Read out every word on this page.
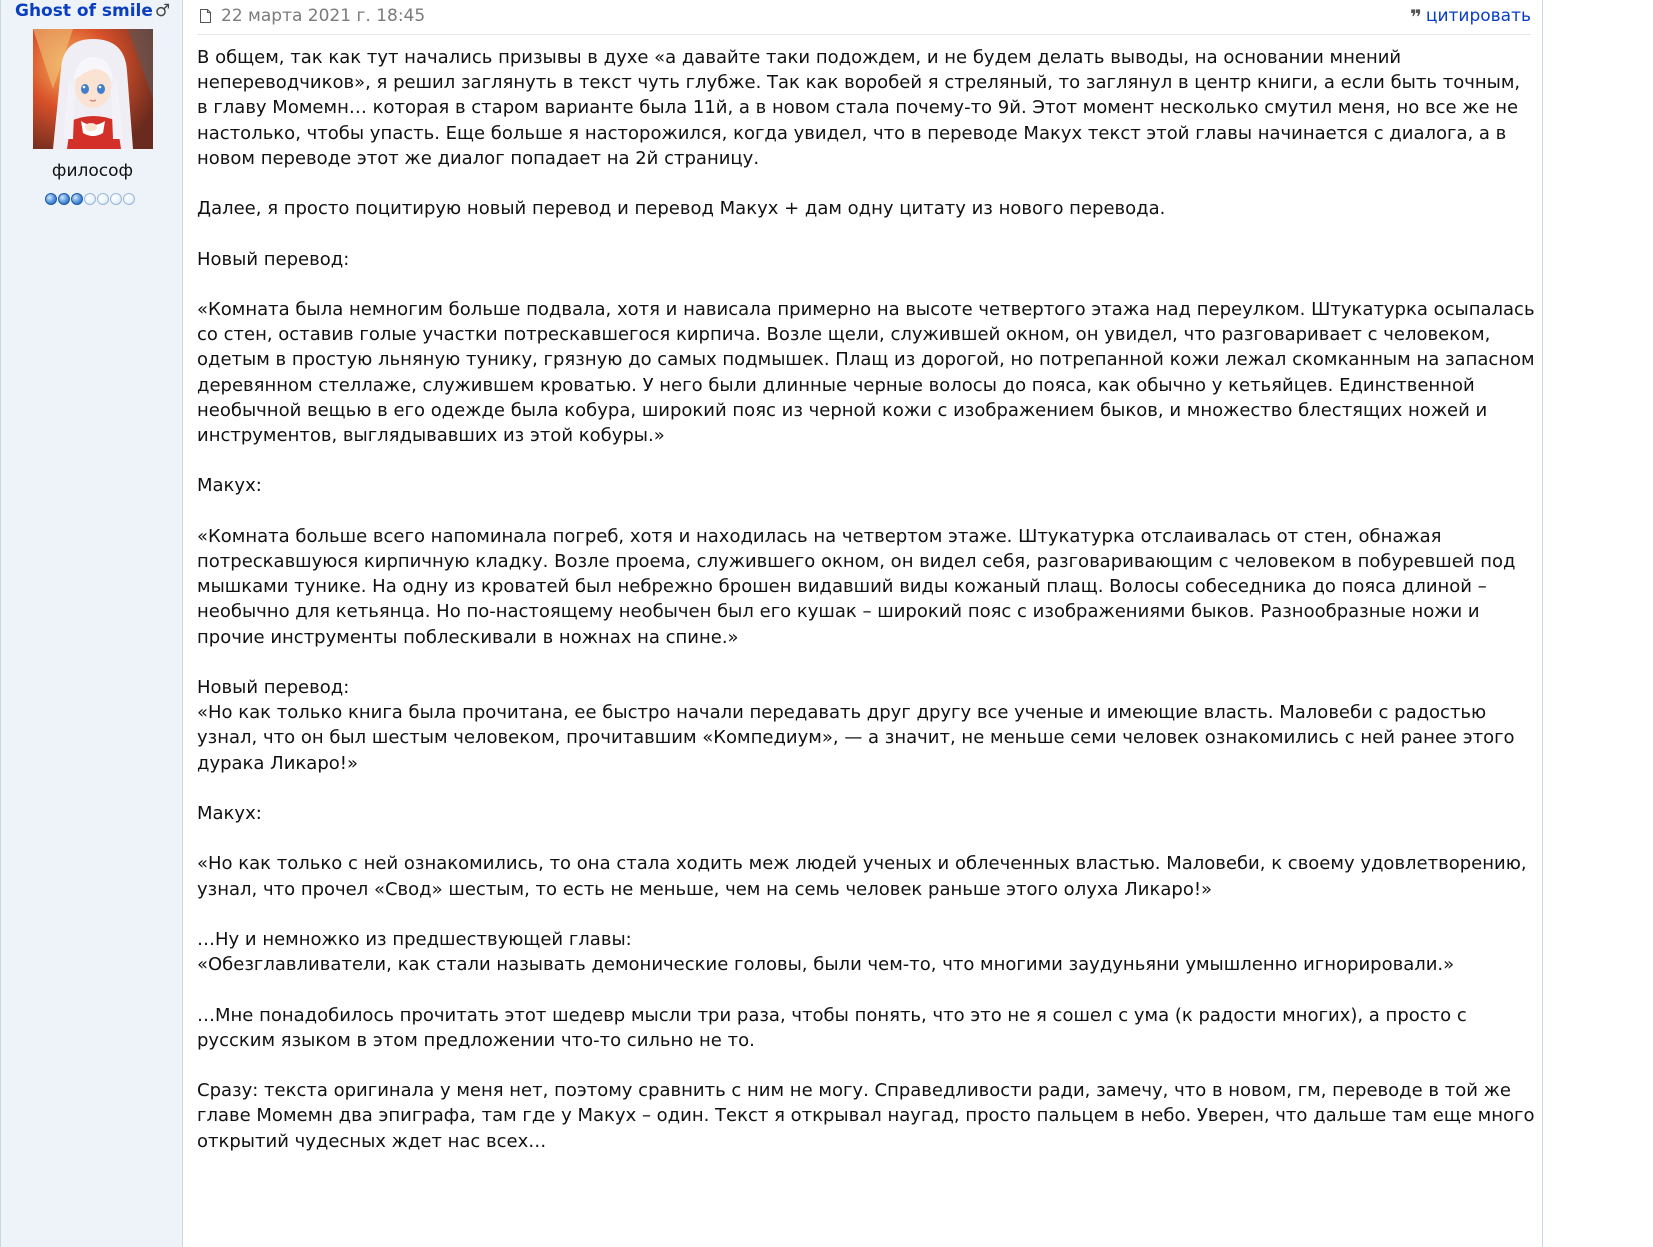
Ghost of smile ♂
философ
22 марта 2021 г. 18:45	❞ цитировать

В общем, так как тут начались призывы в духе «а давайте таки подождем, и не будем делать выводы, на основании мнений непереводчиков», я решил заглянуть в текст чуть глубже. Так как воробей я стреляный, то заглянул в центр книги, а если быть точным, в главу Момемн… которая в старом варианте была 11й, а в новом стала почему-то 9й. Этот момент несколько смутил меня, но все же не настолько, чтобы упасть. Еще больше я насторожился, когда увидел, что в переводе Макух текст этой главы начинается с диалога, а в новом переводе этот же диалог попадает на 2й страницу.

Далее, я просто поцитирую новый перевод и перевод Макух + дам одну цитату из нового перевода.

Новый перевод:

«Комната была немногим больше подвала, хотя и нависала примерно на высоте четвертого этажа над переулком. Штукатурка осыпалась со стен, оставив голые участки потрескавшегося кирпича. Возле щели, служившей окном, он увидел, что разговаривает с человеком, одетым в простую льняную тунику, грязную до самых подмышек. Плащ из дорогой, но потрепанной кожи лежал скомканным на запасном деревянном стеллаже, служившем кроватью. У него были длинные черные волосы до пояса, как обычно у кетьяйцев. Единственной необычной вещью в его одежде была кобура, широкий пояс из черной кожи с изображением быков, и множество блестящих ножей и инструментов, выглядывавших из этой кобуры.»

Макух:

«Комната больше всего напоминала погреб, хотя и находилась на четвертом этаже. Штукатурка отслаивалась от стен, обнажая потрескавшуюся кирпичную кладку. Возле проема, служившего окном, он видел себя, разговаривающим с человеком в побуревшей под мышками тунике. На одну из кроватей был небрежно брошен видавший виды кожаный плащ. Волосы собеседника до пояса длиной – необычно для кетьянца. Но по-настоящему необычен был его кушак – широкий пояс с изображениями быков. Разнообразные ножи и прочие инструменты поблескивали в ножнах на спине.»

Новый перевод:

«Но как только книга была прочитана, ее быстро начали передавать друг другу все ученые и имеющие власть. Маловеби с радостью узнал, что он был шестым человеком, прочитавшим «Компедиум», — а значит, не меньше семи человек ознакомились с ней ранее этого дурака Ликаро!»

Макух:

«Но как только с ней ознакомились, то она стала ходить меж людей ученых и облеченных властью. Маловеби, к своему удовлетворению, узнал, что прочел «Свод» шестым, то есть не меньше, чем на семь человек раньше этого олуха Ликаро!»

…Ну и немножко из предшествующей главы:

«Обезглавливатели, как стали называть демонические головы, были чем-то, что многими заудуньяни умышленно игнорировали.»

…Мне понадобилось прочитать этот шедевр мысли три раза, чтобы понять, что это не я сошел с ума (к радости многих), а просто с русским языком в этом предложении что-то сильно не то.

Сразу: текста оригинала у меня нет, поэтому сравнить с ним не могу. Справедливости ради, замечу, что в новом, гм, переводе в той же главе Момемн два эпиграфа, там где у Макух – один. Текст я открывал наугад, просто пальцем в небо. Уверен, что дальше там еще много открытий чудесных ждет нас всех…
